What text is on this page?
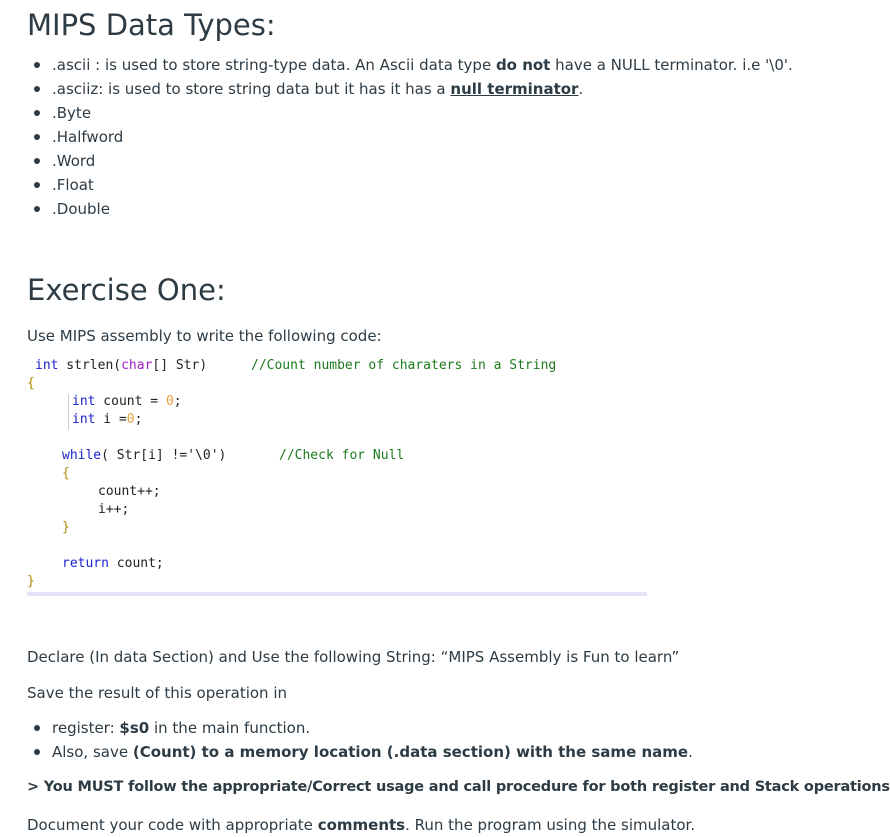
MIPS Data Types:
.ascii : is used to store string-type data. An Ascii data type do not have a NULL terminator. i.e '\0'.
.asciiz: is used to store string data but it has it has a null terminator.
.Byte
.Halfword
.Word
.Float
.Double
Exercise One:
Use MIPS assembly to write the following code:
int strlen(char[] Str)	//Count number of charaters in a String
{
int count = 0;
int i =0;
while( Str[i] !='\0')	//Check for Null
{
count++;
i++;
}
return count;
}
Declare (In data Section) and Use the following String: “MIPS Assembly is Fun to learn”
Save the result of this operation in
register: $s0 in the main function.
Also, save (Count) to a memory location (.data section) with the same name.
> You MUST follow the appropriate/Correct usage and call procedure for both register and Stack operations
Document your code with appropriate comments. Run the program using the simulator.
